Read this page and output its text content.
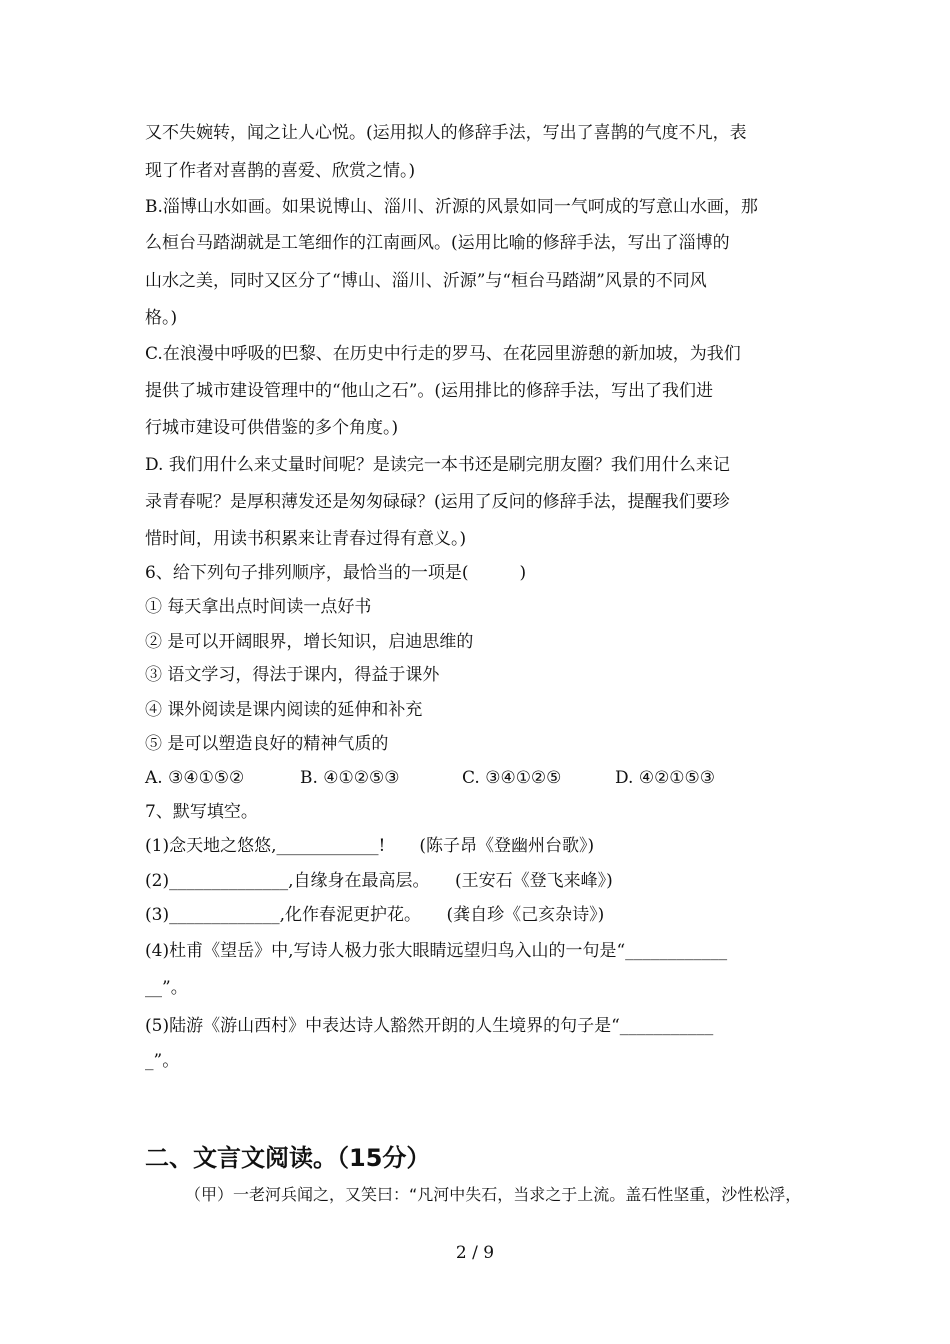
又不失婉转，闻之让人心悦。(运用拟人的修辞手法，写出了喜鹊的气度不凡，表
现了作者对喜鹊的喜爱、欣赏之情。)
B.淄博山水如画。如果说博山、淄川、沂源的风景如同一气呵成的写意山水画，那
么桓台马踏湖就是工笔细作的江南画风。(运用比喻的修辞手法，写出了淄博的
山水之美，同时又区分了“博山、淄川、沂源”与“桓台马踏湖”风景的不同风
格。)
C.在浪漫中呼吸的巴黎、在历史中行走的罗马、在花园里游憩的新加坡，为我们
提供了城市建设管理中的“他山之石”。(运用排比的修辞手法，写出了我们进
行城市建设可供借鉴的多个角度。)
D. 我们用什么来丈量时间呢？是读完一本书还是刷完朋友圈？我们用什么来记
录青春呢？是厚积薄发还是匆匆碌碌？(运用了反问的修辞手法，提醒我们要珍
惜时间，用读书积累来让青春过得有意义。)
6、给下列句子排列顺序，最恰当的一项是(　　　)
① 每天拿出点时间读一点好书
② 是可以开阔眼界，增长知识，启迪思维的
③ 语文学习，得法于课内，得益于课外
④ 课外阅读是课内阅读的延伸和补充
⑤ 是可以塑造良好的精神气质的
A. ③④①⑤②	B. ④①②⑤③	C. ③④①②⑤	D. ④②①⑤③
7、默写填空。
(1)念天地之悠悠,____________!　　(陈子昂《登幽州台歌》)
(2)______________,自缘身在最高层。　　(王安石《登飞来峰》)
(3)_____________,化作春泥更护花。　　(龚自珍《己亥杂诗》)
(4)杜甫《望岳》中,写诗人极力张大眼睛远望归鸟入山的一句是“____________
__”。
(5)陆游《游山西村》中表达诗人豁然开朗的人生境界的句子是“___________
_”。
二、文言文阅读。（15分）
（甲）一老河兵闻之，又笑曰：“凡河中失石，当求之于上流。盖石性坚重，沙性松浮，
2 / 9
